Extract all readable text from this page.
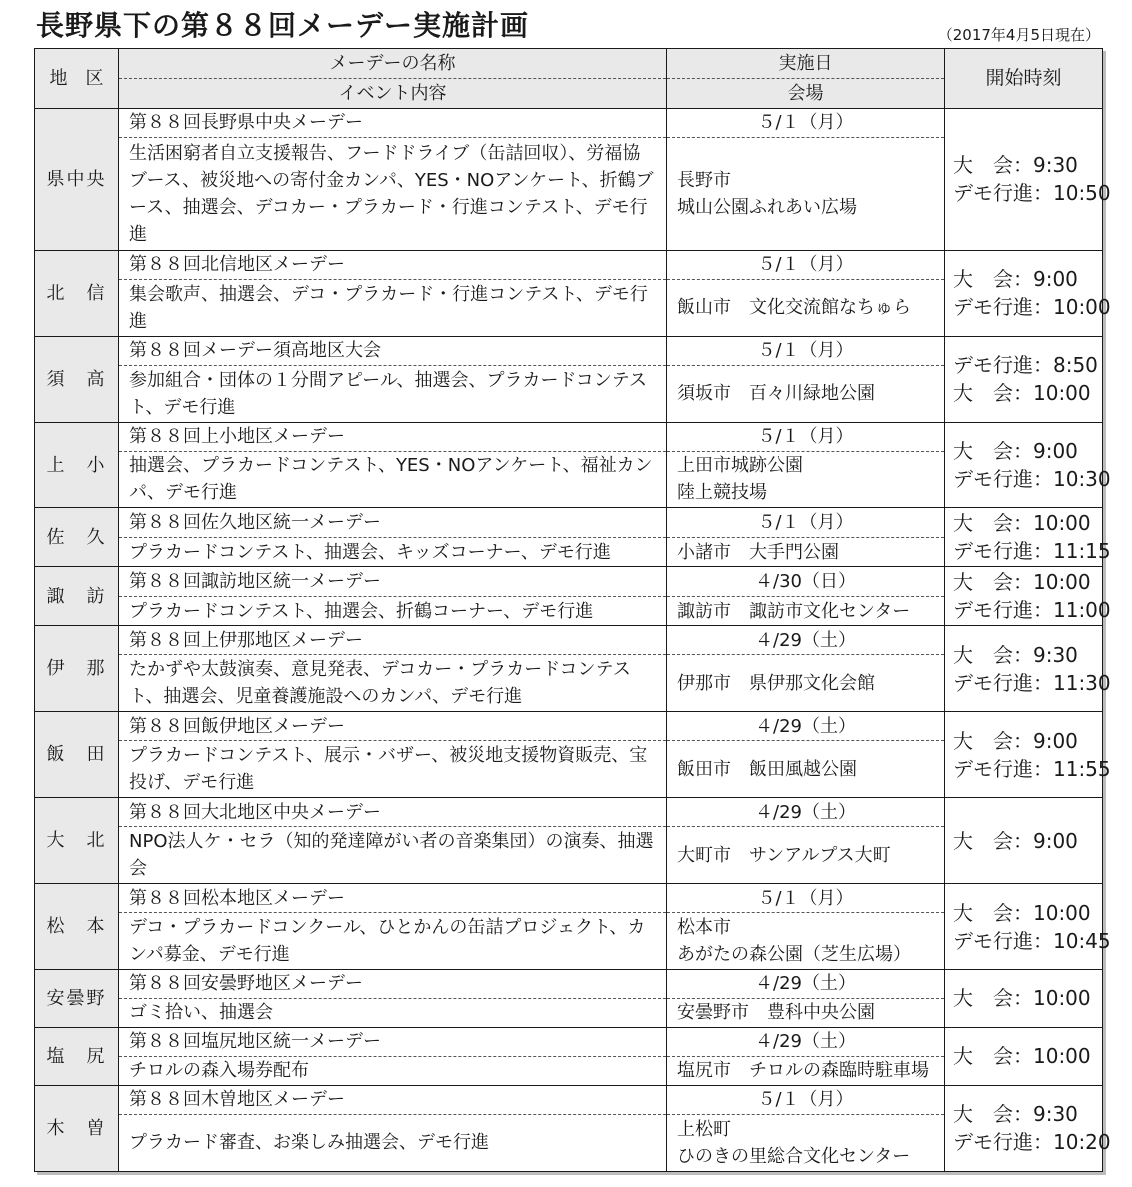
長野県下の第８８回メーデー実施計画	（2017年4月5日現在）
地　区	メーデーの名称	実施日	開始時刻
	イベント内容	会場	
県中央	第８８回長野県中央メーデー	５/１（月）	大　会：9:30
デモ行進：10:50

	生活困窮者自立支援報告、フードドライブ（缶詰回収）、労福協ブース、被災地への寄付金カンパ、YES・NOアンケート、折鶴ブース、抽選会、デコカー・プラカード・行進コンテスト、デモ行進	長野市
城山公園ふれあい広場	
北　信	第８８回北信地区メーデー	５/１（月）	大　会：9:00
デモ行進：10:00

	集会歌声、抽選会、デコ・プラカード・行進コンテスト、デモ行進	飯山市　文化交流館なちゅら	
須　高	第８８回メーデー須高地区大会	５/１（月）	デモ行進：8:50
大　会：10:00

	参加組合・団体の１分間アピール、抽選会、プラカードコンテスト、デモ行進	須坂市　百々川緑地公園	
上　小	第８８回上小地区メーデー	５/１（月）	大　会：9:00
デモ行進：10:30

	抽選会、プラカードコンテスト、YES・NOアンケート、福祉カンパ、デモ行進	上田市城跡公園
陸上競技場	
佐　久	第８８回佐久地区統一メーデー	５/１（月）	大　会：10:00
デモ行進：11:15

	プラカードコンテスト、抽選会、キッズコーナー、デモ行進	小諸市　大手門公園	
諏　訪	第８８回諏訪地区統一メーデー	４/30（日）	大　会：10:00
デモ行進：11:00

	プラカードコンテスト、抽選会、折鶴コーナー、デモ行進	諏訪市　諏訪市文化センター	
伊　那	第８８回上伊那地区メーデー	４/29（土）	大　会：9:30
デモ行進：11:30

	たかずや太鼓演奏、意見発表、デコカー・プラカードコンテスト、抽選会、児童養護施設へのカンパ、デモ行進	伊那市　県伊那文化会館	
飯　田	第８８回飯伊地区メーデー	４/29（土）	大　会：9:00
デモ行進：11:55

	プラカードコンテスト、展示・バザー、被災地支援物資販売、宝投げ、デモ行進	飯田市　飯田風越公園	
大　北	第８８回大北地区中央メーデー	４/29（土）	大　会：9:00

	NPO法人ケ・セラ（知的発達障がい者の音楽集団）の演奏、抽選会	大町市　サンアルプス大町	
松　本	第８８回松本地区メーデー	５/１（月）	大　会：10:00
デモ行進：10:45

	デコ・プラカードコンクール、ひとかんの缶詰プロジェクト、カンパ募金、デモ行進	松本市
あがたの森公園（芝生広場）	
安曇野	第８８回安曇野地区メーデー	４/29（土）	大　会：10:00

	ゴミ拾い、抽選会	安曇野市　豊科中央公園	
塩　尻	第８８回塩尻地区統一メーデー	４/29（土）	大　会：10:00

	チロルの森入場券配布	塩尻市　チロルの森臨時駐車場	
木　曽	第８８回木曽地区メーデー	５/１（月）	大　会：9:30
デモ行進：10:20

	プラカード審査、お楽しみ抽選会、デモ行進	上松町
ひのきの里総合文化センター	
